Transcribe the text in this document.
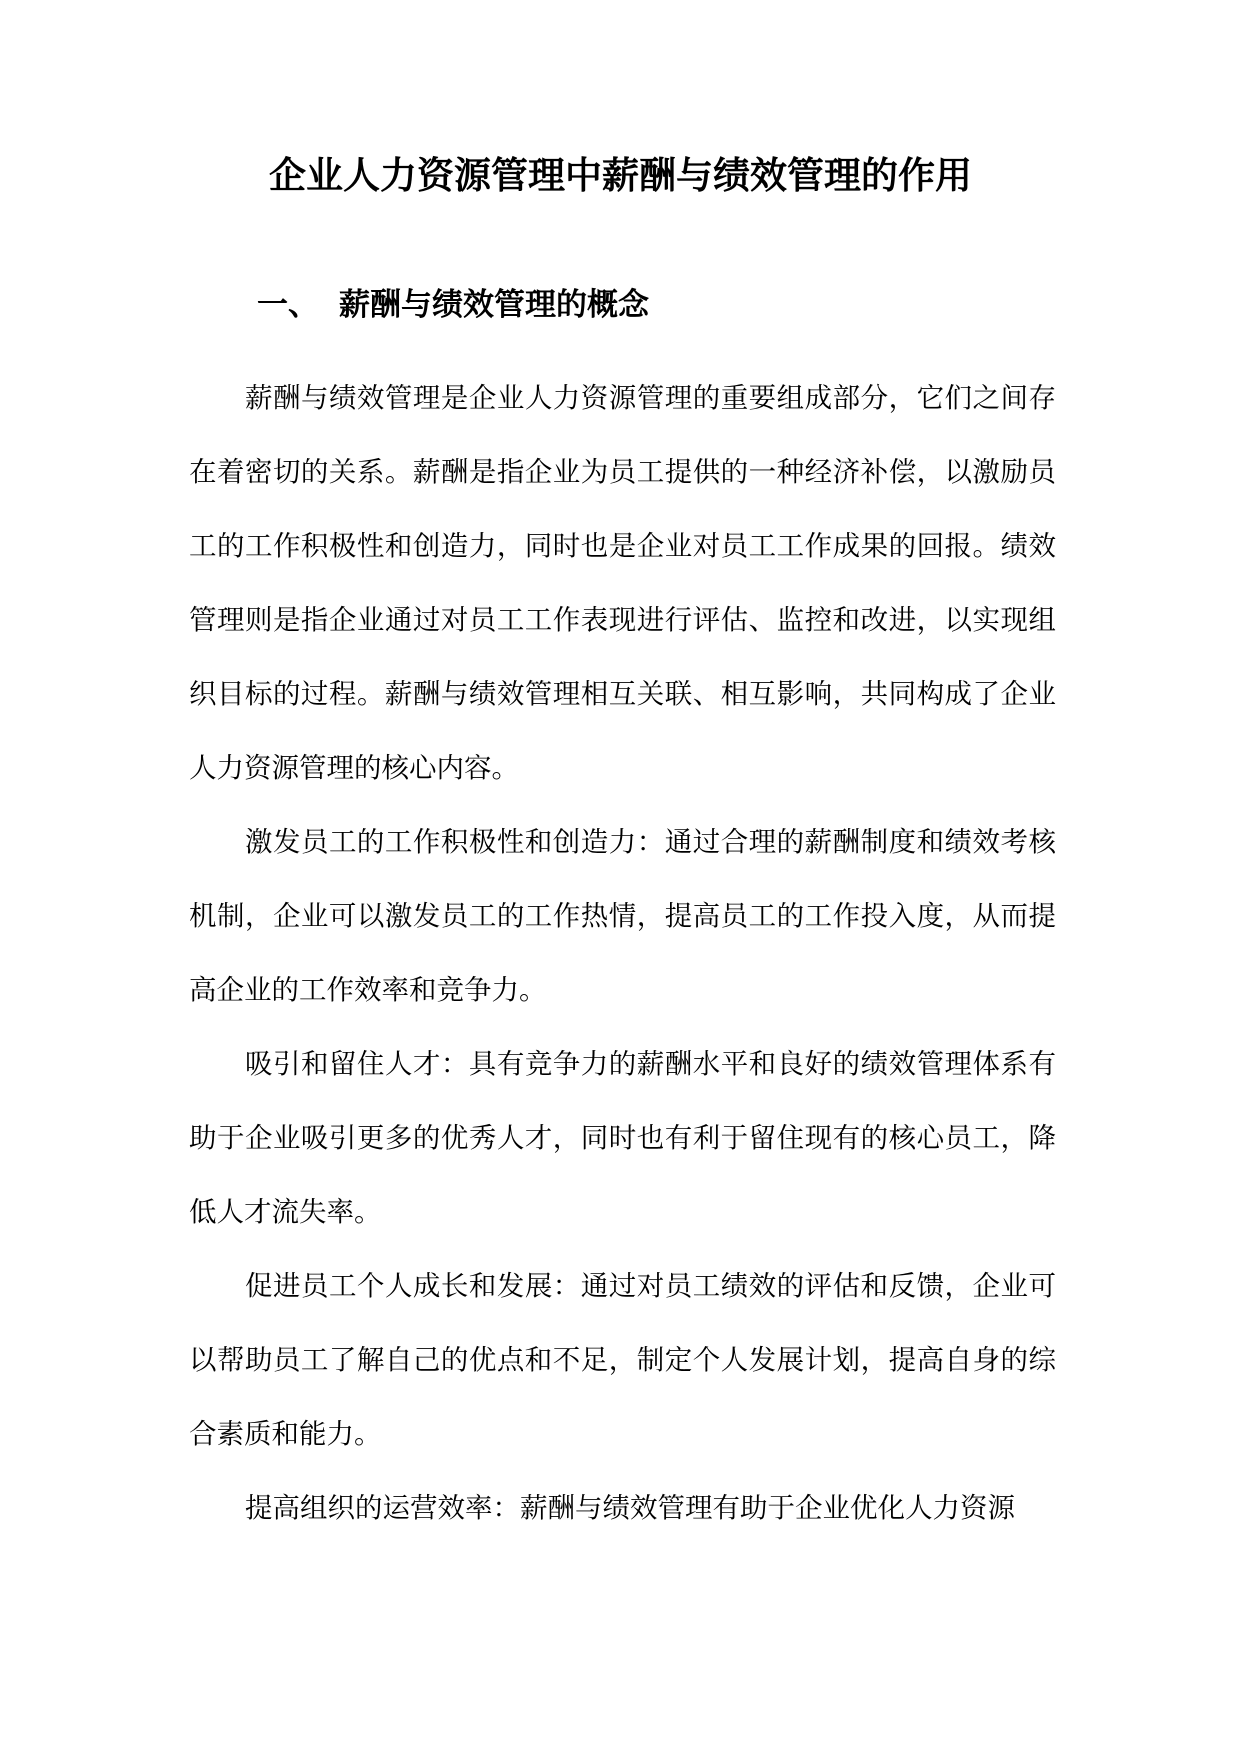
企业人力资源管理中薪酬与绩效管理的作用
一、 薪酬与绩效管理的概念

薪酬与绩效管理是企业人力资源管理的重要组成部分，它们之间存在着密切的关系。薪酬是指企业为员工提供的一种经济补偿，以激励员工的工作积极性和创造力，同时也是企业对员工工作成果的回报。绩效管理则是指企业通过对员工工作表现进行评估、监控和改进，以实现组织目标的过程。薪酬与绩效管理相互关联、相互影响，共同构成了企业人力资源管理的核心内容。

激发员工的工作积极性和创造力：通过合理的薪酬制度和绩效考核机制，企业可以激发员工的工作热情，提高员工的工作投入度，从而提高企业的工作效率和竞争力。

吸引和留住人才：具有竞争力的薪酬水平和良好的绩效管理体系有助于企业吸引更多的优秀人才，同时也有利于留住现有的核心员工，降低人才流失率。

促进员工个人成长和发展：通过对员工绩效的评估和反馈，企业可以帮助员工了解自己的优点和不足，制定个人发展计划，提高自身的综合素质和能力。

提高组织的运营效率：薪酬与绩效管理有助于企业优化人力资源
